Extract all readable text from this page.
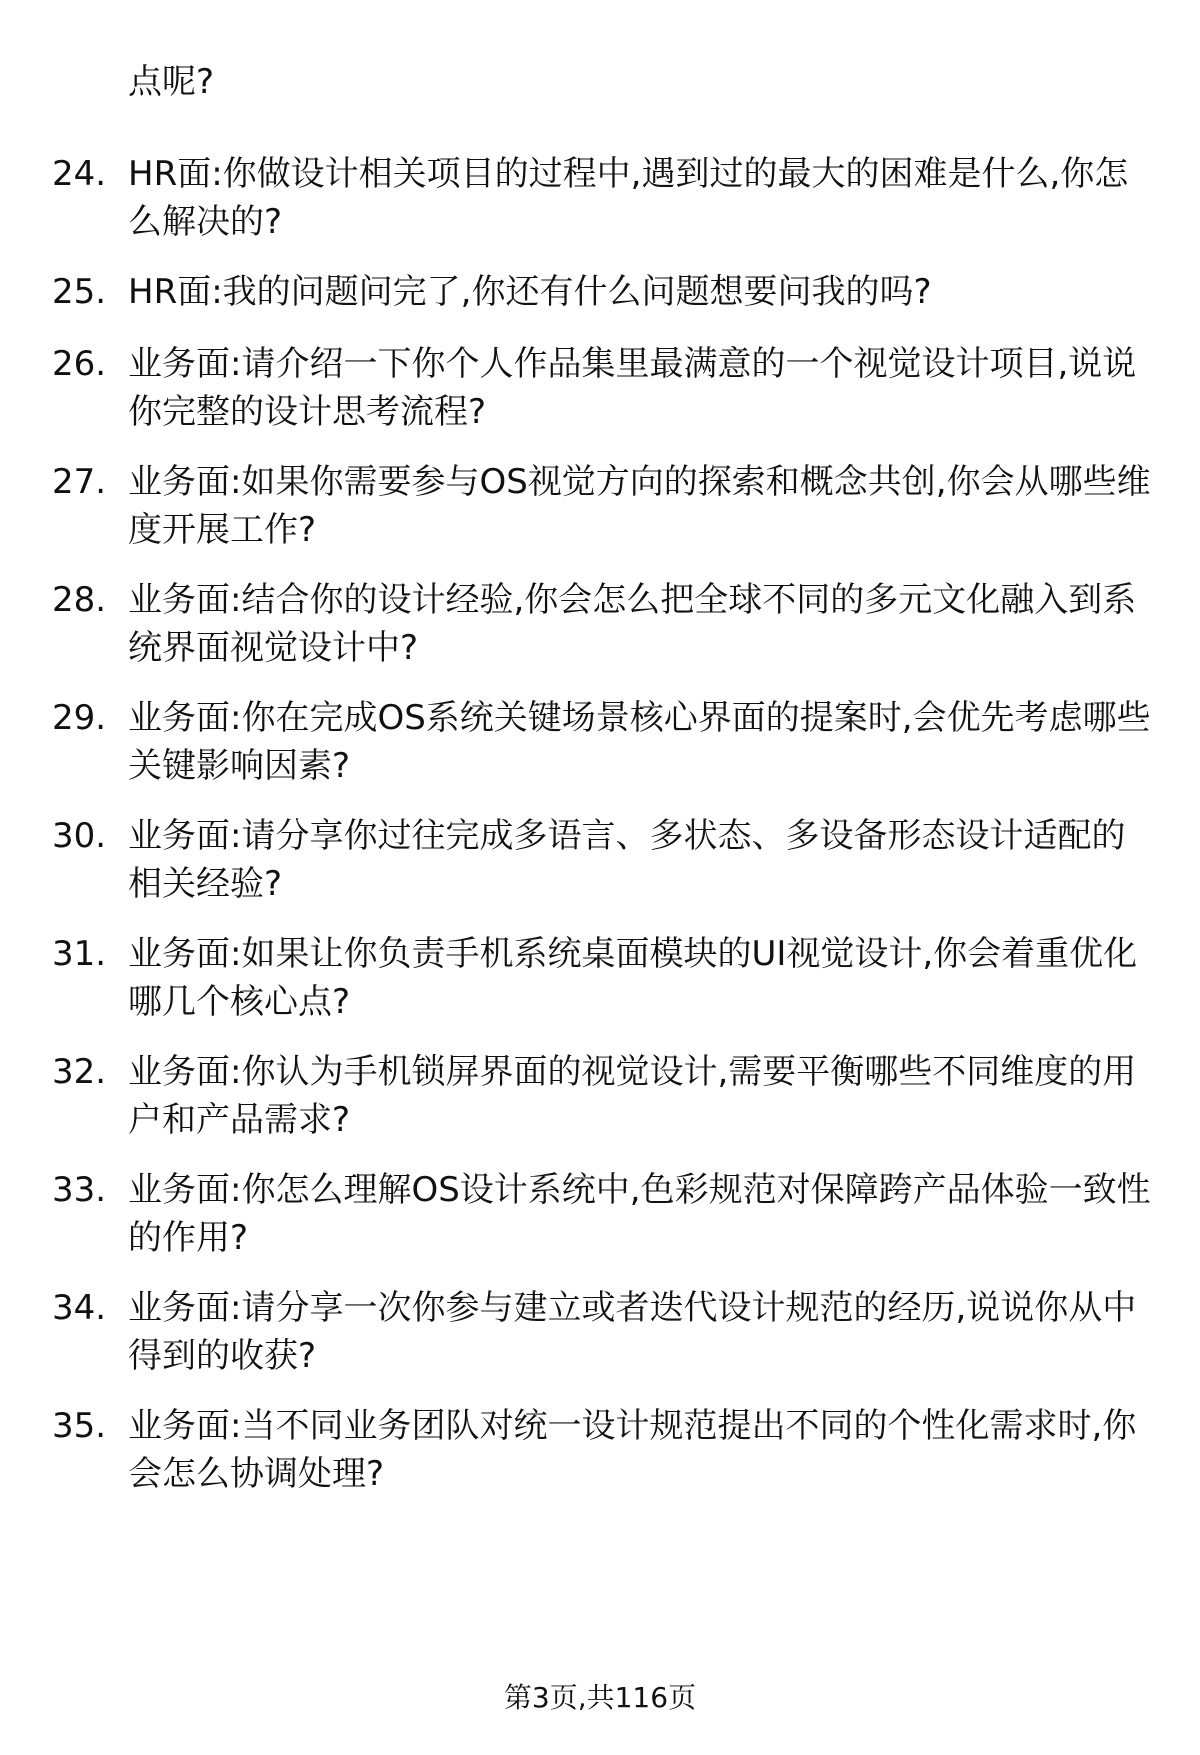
点呢?
24. HR面:你做设计相关项目的过程中,遇到过的最大的困难是什么,你怎么解决的?
25. HR面:我的问题问完了,你还有什么问题想要问我的吗?
26. 业务面:请介绍一下你个人作品集里最满意的一个视觉设计项目,说说你完整的设计思考流程?
27. 业务面:如果你需要参与OS视觉方向的探索和概念共创,你会从哪些维度开展工作?
28. 业务面:结合你的设计经验,你会怎么把全球不同的多元文化融入到系统界面视觉设计中?
29. 业务面:你在完成OS系统关键场景核心界面的提案时,会优先考虑哪些关键影响因素?
30. 业务面:请分享你过往完成多语言、多状态、多设备形态设计适配的相关经验?
31. 业务面:如果让你负责手机系统桌面模块的UI视觉设计,你会着重优化哪几个核心点?
32. 业务面:你认为手机锁屏界面的视觉设计,需要平衡哪些不同维度的用户和产品需求?
33. 业务面:你怎么理解OS设计系统中,色彩规范对保障跨产品体验一致性的作用?
34. 业务面:请分享一次你参与建立或者迭代设计规范的经历,说说你从中得到的收获?
35. 业务面:当不同业务团队对统一设计规范提出不同的个性化需求时,你会怎么协调处理?
第3页,共116页
